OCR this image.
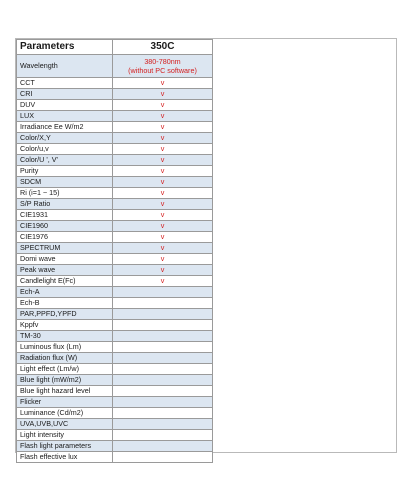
Parameters	350C
Wavelength	380-780nm
(without PC software)

CCT	v
CRI	v
DUV	v
LUX	v
Irradiance Ee W/m2	v
Color/X,Y	v
Color/u,v	v
Color/U ', V'	v
Purity	v
SDCM	v
Ri (i=1 ~ 15)	v
S/P Ratio	v
CIE1931	v
CIE1960	v
CIE1976	v
SPECTRUM	v
Domi wave	v
Peak wave	v
Candlelight E(Fc)	v
Ech-A	
Ech-B	
PAR,PPFD,YPFD	
Kppfv	
TM-30	
Luminous flux (Lm)	
Radiation flux (W)	
Light effect (Lm/w)	
Blue light (mW/m2)	
Blue light hazard level	
Flicker	
Luminance (Cd/m2)	
UVA,UVB,UVC	
Light intensity	
Flash light parameters	
Flash effective lux	
